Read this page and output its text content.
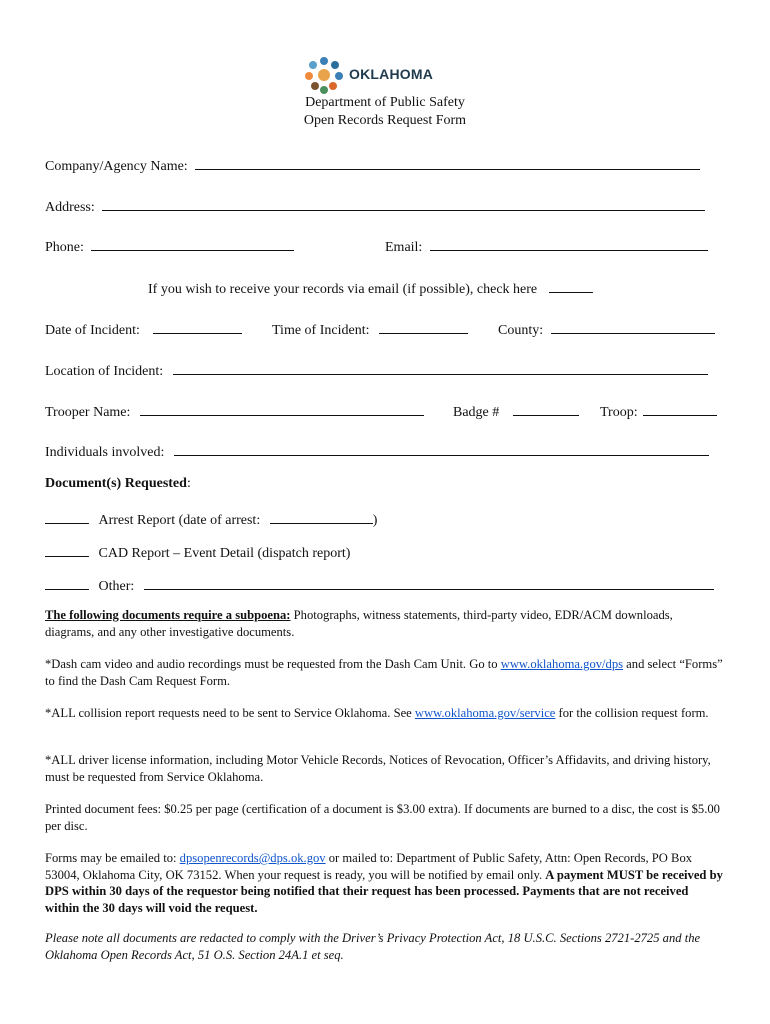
OKLAHOMA
Department of Public Safety
Open Records Request Form
Company/Agency Name:
Address:
Phone:	Email:
If you wish to receive your records via email (if possible), check here
Date of Incident:	Time of Incident:	County:
Location of Incident:
Trooper Name:	Badge #	Troop:
Individuals involved:
Document(s) Requested:
Arrest Report (date of arrest:	)
CAD Report – Event Detail (dispatch report)
Other:
The following documents require a subpoena: Photographs, witness statements, third-party video, EDR/ACM downloads, diagrams, and any other investigative documents.
*Dash cam video and audio recordings must be requested from the Dash Cam Unit. Go to www.oklahoma.gov/dps and select “Forms” to find the Dash Cam Request Form.
*ALL collision report requests need to be sent to Service Oklahoma. See www.oklahoma.gov/service for the collision request form.
*ALL driver license information, including Motor Vehicle Records, Notices of Revocation, Officer’s Affidavits, and driving history, must be requested from Service Oklahoma.
Printed document fees: $0.25 per page (certification of a document is $3.00 extra). If documents are burned to a disc, the cost is $5.00 per disc.
Forms may be emailed to: dpsopenrecords@dps.ok.gov or mailed to: Department of Public Safety, Attn: Open Records, PO Box 53004, Oklahoma City, OK 73152. When your request is ready, you will be notified by email only. A payment MUST be received by DPS within 30 days of the requestor being notified that their request has been processed. Payments that are not received within the 30 days will void the request.
Please note all documents are redacted to comply with the Driver’s Privacy Protection Act, 18 U.S.C. Sections 2721-2725 and the Oklahoma Open Records Act, 51 O.S. Section 24A.1 et seq.
